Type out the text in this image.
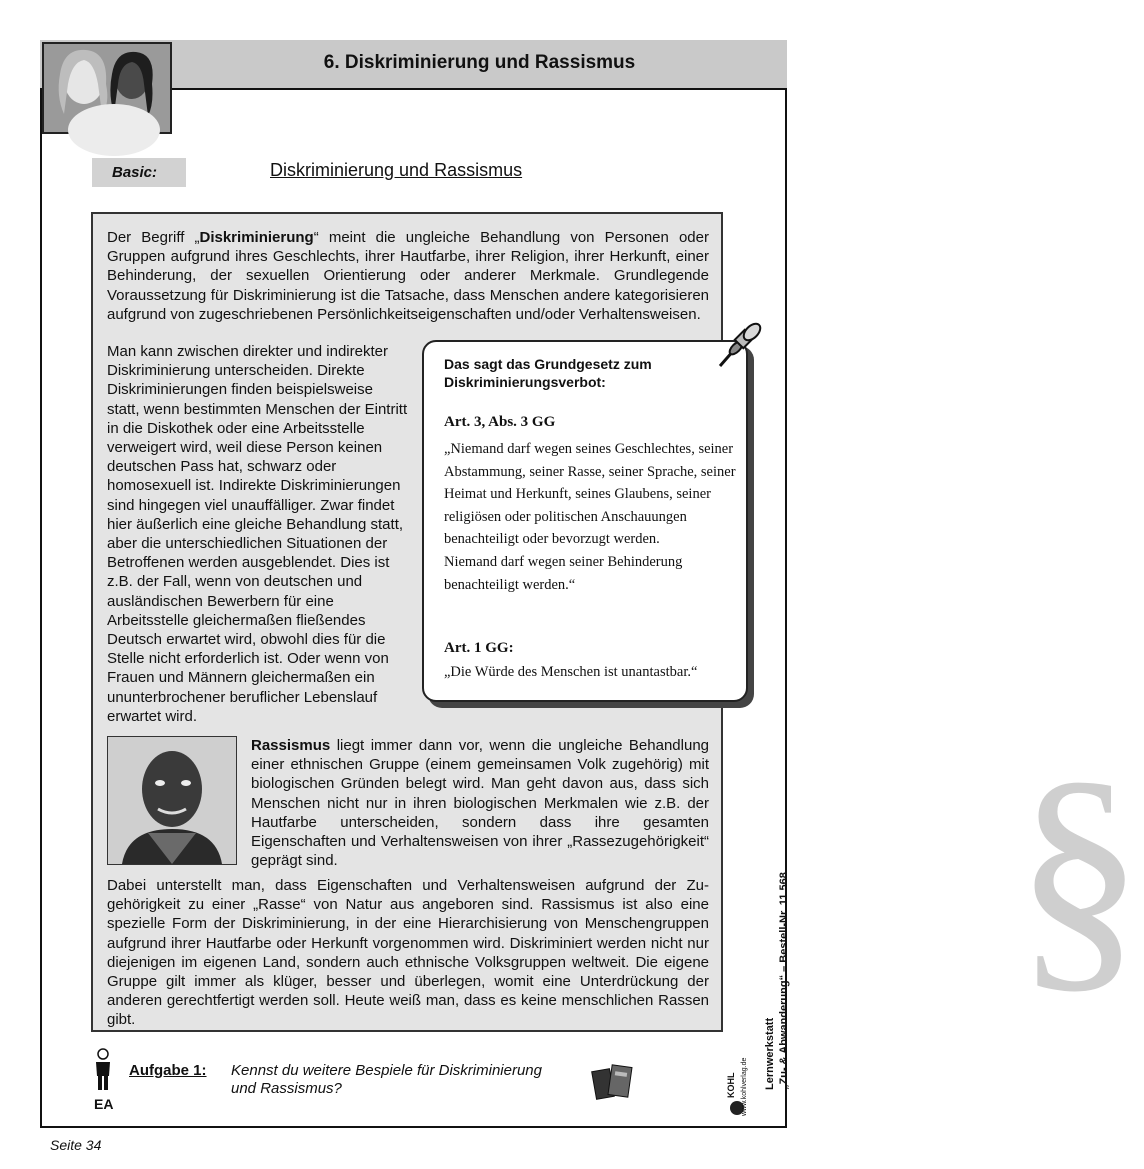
6. Diskriminierung und Rassismus
Basic:	Diskriminierung und Rassismus
Der Begriff „Diskriminierung“ meint die ungleiche Behandlung von Personen oder Gruppen aufgrund ihres Geschlechts, ihrer Hautfarbe, ihrer Religion, ihrer Herkunft, einer Behinderung, der sexuellen Orientierung oder anderer Merkmale. Grundlegende Voraussetzung für Diskriminierung ist die Tatsache, dass Menschen andere kategorisieren aufgrund von zugeschriebenen Persönlichkeitseigenschaften und/oder Verhaltensweisen.
Man kann zwischen direkter und indirekter Diskriminierung unterscheiden. Direkte Diskriminierungen finden beispielsweise statt, wenn bestimmten Menschen der Eintritt in die Diskothek oder eine Arbeitsstelle verweigert wird, weil diese Person keinen deutschen Pass hat, schwarz oder homosexuell ist. Indirekte Diskriminierungen sind hingegen viel unauffälliger. Zwar findet hier äußerlich eine gleiche Behandlung statt, aber die unterschiedlichen Situationen der Betroffenen werden ausgeblendet. Dies ist z.B. der Fall, wenn von deutschen und ausländischen Bewerbern für eine Arbeitsstelle gleichermaßen fließendes Deutsch erwartet wird, obwohl dies für die Stelle nicht erforderlich ist. Oder wenn von Frauen und Männern gleichermaßen ein ununterbrochener beruflicher Lebenslauf erwartet wird.
§
Das sagt das Grundgesetz zum Diskriminierungsverbot:
Art. 3, Abs. 3 GG
„Niemand darf wegen seines Geschlechtes, seiner Abstammung, seiner Rasse, seiner Sprache, seiner Heimat und Herkunft, seines Glaubens, seiner religiösen oder politischen Anschauungen benachteiligt oder bevorzugt werden.
Niemand darf wegen seiner Behinderung benachteiligt werden.“
Art. 1 GG:
„Die Würde des Menschen ist unantastbar.“
Rassismus liegt immer dann vor, wenn die ungleiche Behandlung einer ethnischen Gruppe (einem gemeinsamen Volk zugehörig) mit biologischen Gründen belegt wird. Man geht davon aus, dass sich Menschen nicht nur in ihren biologischen Merkmalen wie z.B. der Hautfarbe unterscheiden, sondern dass ihre gesamten Eigenschaften und Verhaltensweisen von ihrer „Rassezugehörigkeit“ geprägt sind.
Dabei unterstellt man, dass Eigenschaften und Verhaltensweisen aufgrund der Zugehörigkeit zu einer „Rasse“ von Natur aus angeboren sind. Rassismus ist also eine spezielle Form der Diskriminierung, in der eine Hierarchisierung von Menschengruppen aufgrund ihrer Hautfarbe oder Herkunft vorgenommen wird. Diskriminiert werden nicht nur diejenigen im eigenen Land, sondern auch ethnische Volksgruppen weltweit. Die eigene Gruppe gilt immer als klüger, besser und überlegen, womit eine Unterdrückung der anderen gerechtfertigt werden soll. Heute weiß man, dass es keine menschlichen Rassen gibt.
EA
Aufgabe 1: Kennst du weitere Bespiele für Diskriminierung und Rassismus?	KOHL www.kohlverlag.de Lernwerkstatt „Zu- & Abwanderung“ – Bestell-Nr. 11 568
Seite 34
